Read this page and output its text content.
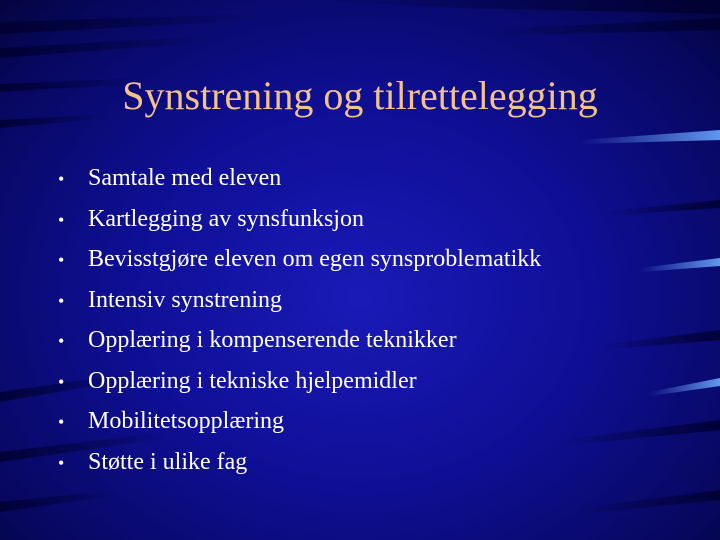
Synstrening og tilrettelegging
• Samtale med eleven
• Kartlegging av synsfunksjon
• Bevisstgjøre eleven om egen synsproblematikk
• Intensiv synstrening
• Opplæring i kompenserende teknikker
• Opplæring i tekniske hjelpemidler
• Mobilitetsopplæring
• Støtte i ulike fag
